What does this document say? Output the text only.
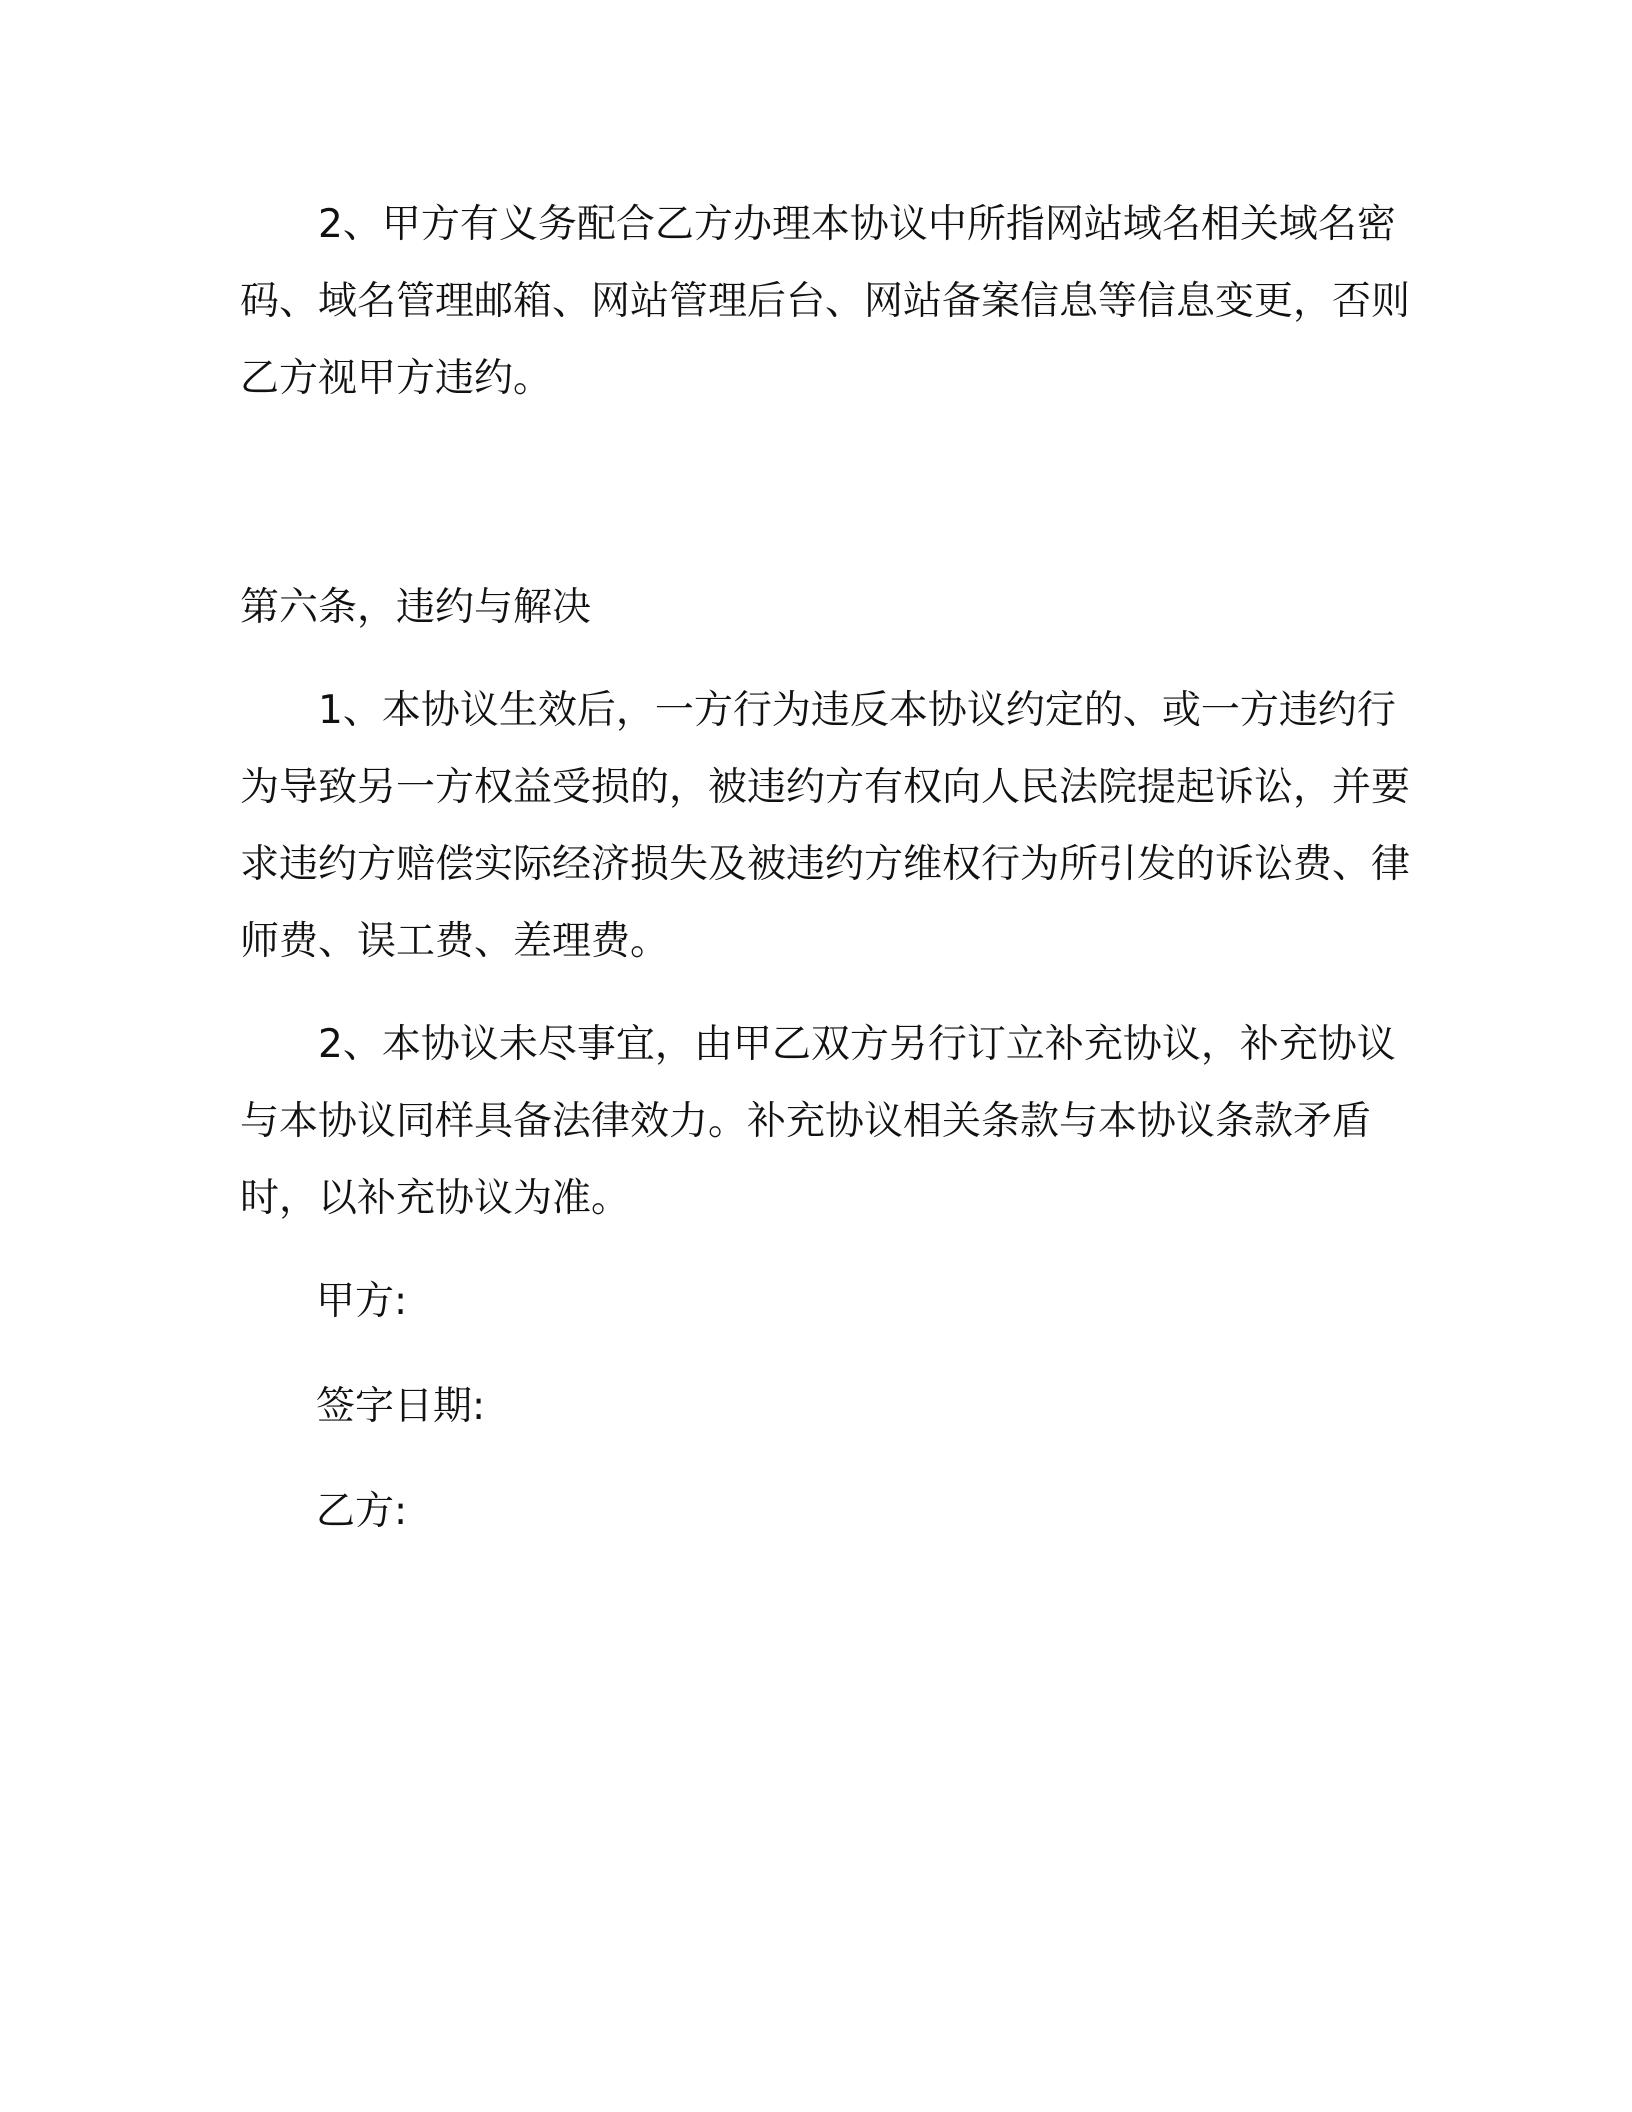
2、甲方有义务配合乙方办理本协议中所指网站域名相关域名密码、域名管理邮箱、网站管理后台、网站备案信息等信息变更，否则乙方视甲方违约。

第六条，违约与解决

1、本协议生效后，一方行为违反本协议约定的、或一方违约行为导致另一方权益受损的，被违约方有权向人民法院提起诉讼，并要求违约方赔偿实际经济损失及被违约方维权行为所引发的诉讼费、律师费、误工费、差理费。

2、本协议未尽事宜，由甲乙双方另行订立补充协议，补充协议与本协议同样具备法律效力。补充协议相关条款与本协议条款矛盾时，以补充协议为准。

甲方:

签字日期:

乙方:
